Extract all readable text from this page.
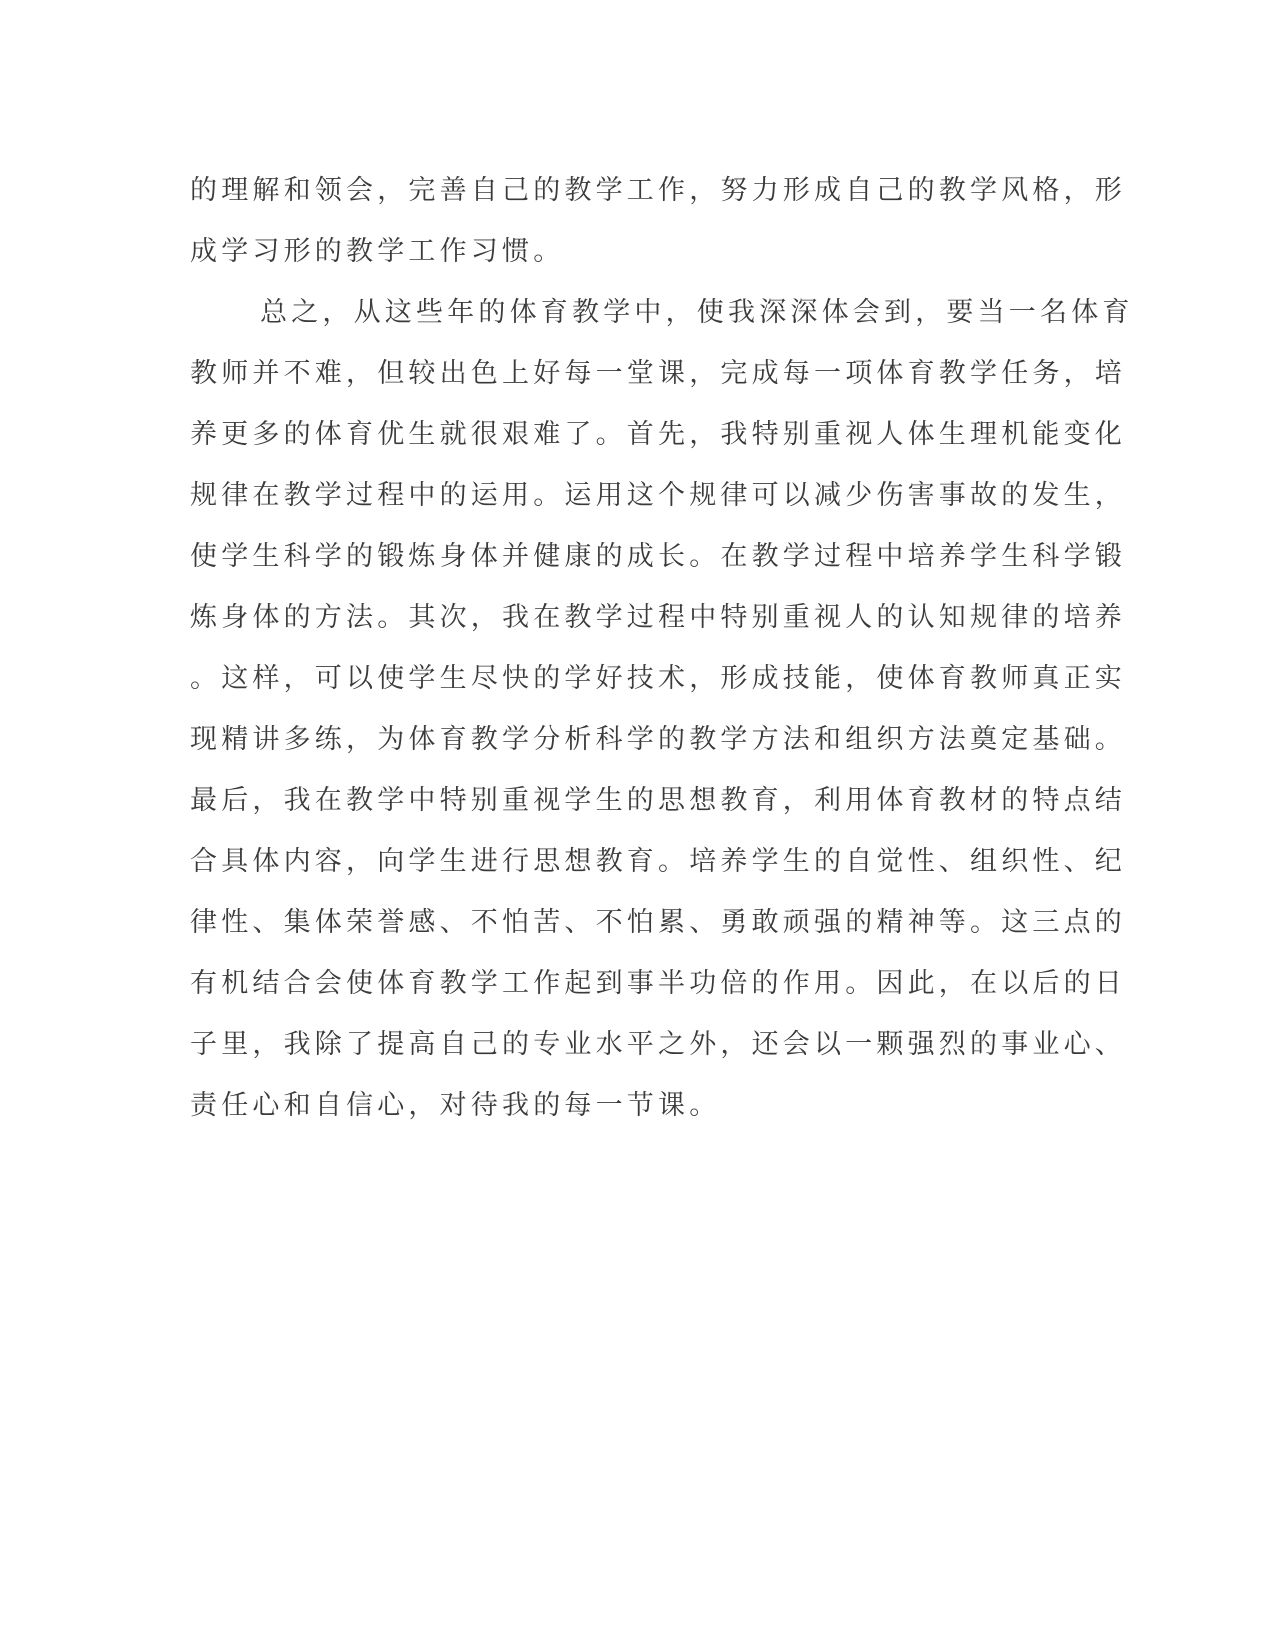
的理解和领会，完善自己的教学工作，努力形成自己的教学风格，形
成学习形的教学工作习惯。
总之，从这些年的体育教学中，使我深深体会到，要当一名体育
教师并不难，但较出色上好每一堂课，完成每一项体育教学任务，培
养更多的体育优生就很艰难了。首先，我特别重视人体生理机能变化
规律在教学过程中的运用。运用这个规律可以减少伤害事故的发生，
使学生科学的锻炼身体并健康的成长。在教学过程中培养学生科学锻
炼身体的方法。其次，我在教学过程中特别重视人的认知规律的培养
。这样，可以使学生尽快的学好技术，形成技能，使体育教师真正实
现精讲多练，为体育教学分析科学的教学方法和组织方法奠定基础。
最后，我在教学中特别重视学生的思想教育，利用体育教材的特点结
合具体内容，向学生进行思想教育。培养学生的自觉性、组织性、纪
律性、集体荣誉感、不怕苦、不怕累、勇敢顽强的精神等。这三点的
有机结合会使体育教学工作起到事半功倍的作用。因此，在以后的日
子里，我除了提高自己的专业水平之外，还会以一颗强烈的事业心、
责任心和自信心，对待我的每一节课。
